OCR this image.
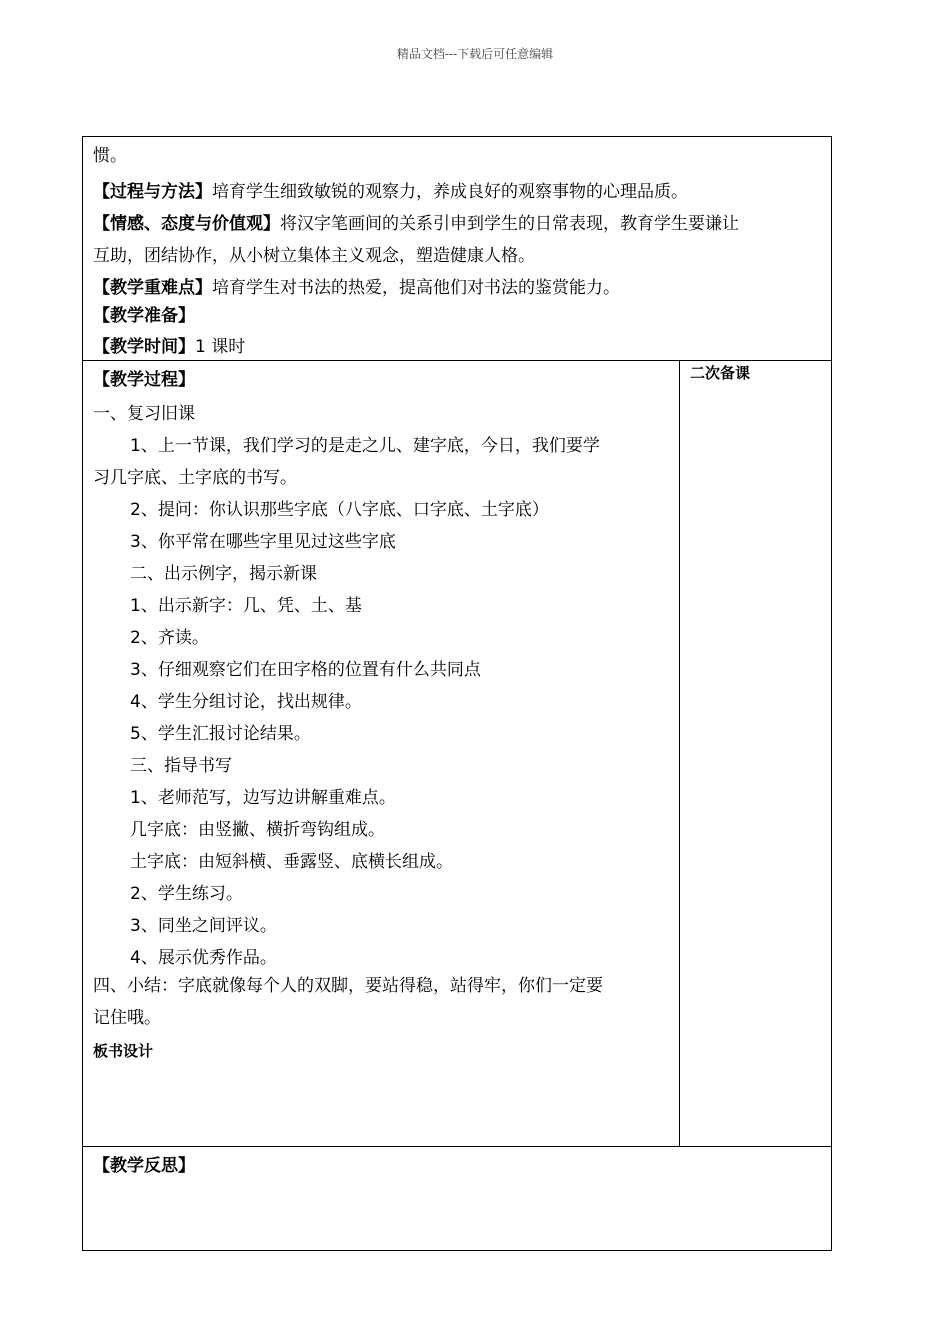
精品文档---下载后可任意编辑
惯。
【过程与方法】培育学生细致敏锐的观察力，养成良好的观察事物的心理品质。
【情感、态度与价值观】将汉字笔画间的关系引申到学生的日常表现，教育学生要谦让
互助，团结协作，从小树立集体主义观念，塑造健康人格。
【教学重难点】培育学生对书法的热爱，提高他们对书法的鉴赏能力。
【教学准备】
【教学时间】1 课时
【教学过程】
一、复习旧课
1、上一节课，我们学习的是走之儿、建字底，今日，我们要学
习几字底、土字底的书写。
2、提问：你认识那些字底（八字底、口字底、土字底）
3、你平常在哪些字里见过这些字底
二、出示例字，揭示新课
1、出示新字：几、凭、土、基
2、齐读。
3、仔细观察它们在田字格的位置有什么共同点
4、学生分组讨论，找出规律。
5、学生汇报讨论结果。
三、指导书写
1、老师范写，边写边讲解重难点。
几字底：由竖撇、横折弯钩组成。
土字底：由短斜横、垂露竖、底横长组成。
2、学生练习。
3、同坐之间评议。
4、展示优秀作品。
四、小结：字底就像每个人的双脚，要站得稳，站得牢，你们一定要
记住哦。
板书设计
二次备课
【教学反思】
